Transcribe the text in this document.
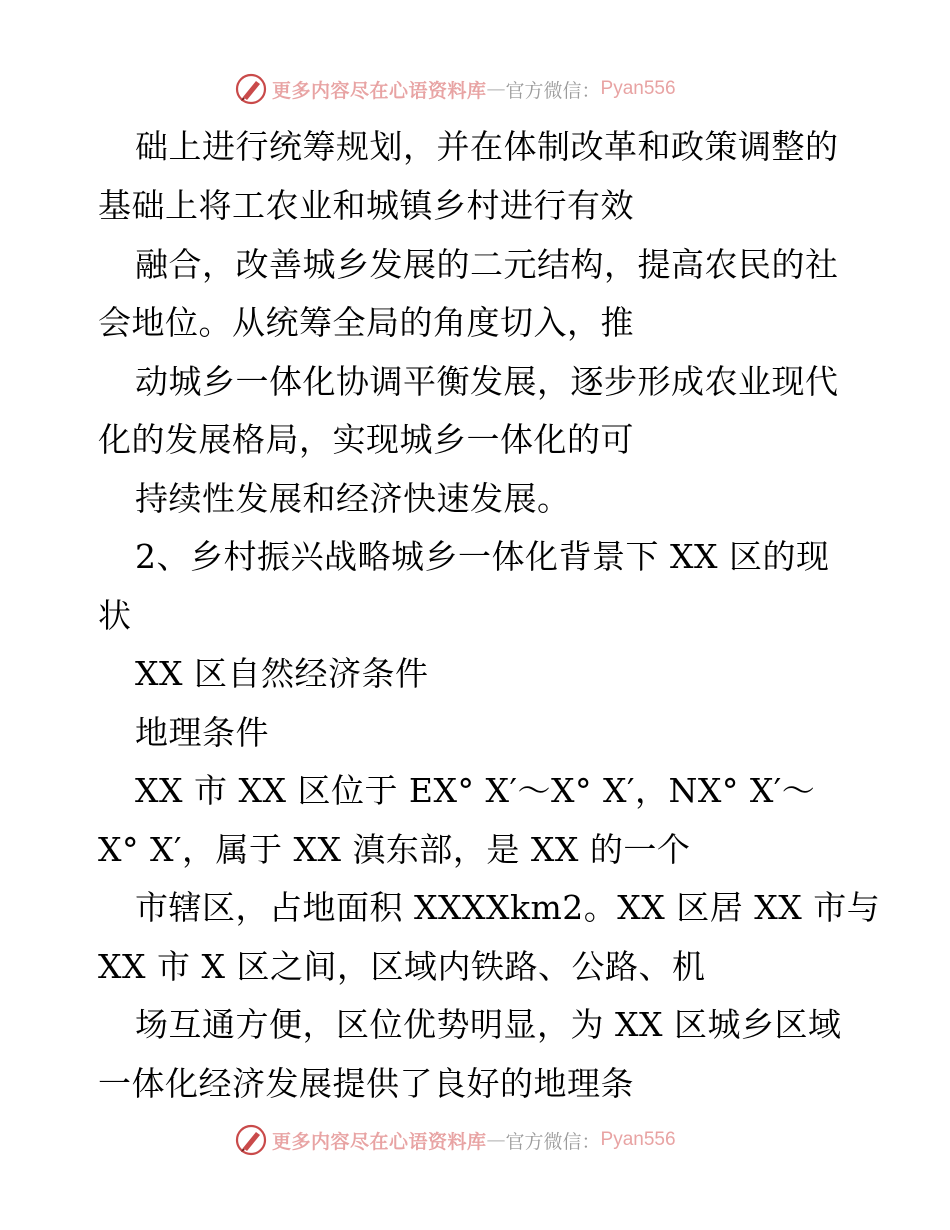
更多内容尽在心语资料库 — 官方微信： Pyan556
础上进行统筹规划，并在体制改革和政策调整的
基础上将工农业和城镇乡村进行有效
融合，改善城乡发展的二元结构，提高农民的社
会地位。从统筹全局的角度切入，推
动城乡一体化协调平衡发展，逐步形成农业现代
化的发展格局，实现城乡一体化的可
持续性发展和经济快速发展。
2、乡村振兴战略城乡一体化背景下 XX 区的现
状
XX 区自然经济条件
地理条件
XX 市 XX 区位于 EX° X′～X° X′，NX° X′～
X° X′，属于 XX 滇东部，是 XX 的一个
市辖区，占地面积 XXXXkm2。XX 区居 XX 市与
XX 市 X 区之间，区域内铁路、公路、机
场互通方便，区位优势明显，为 XX 区城乡区域
一体化经济发展提供了良好的地理条
更多内容尽在心语资料库 — 官方微信： Pyan556
